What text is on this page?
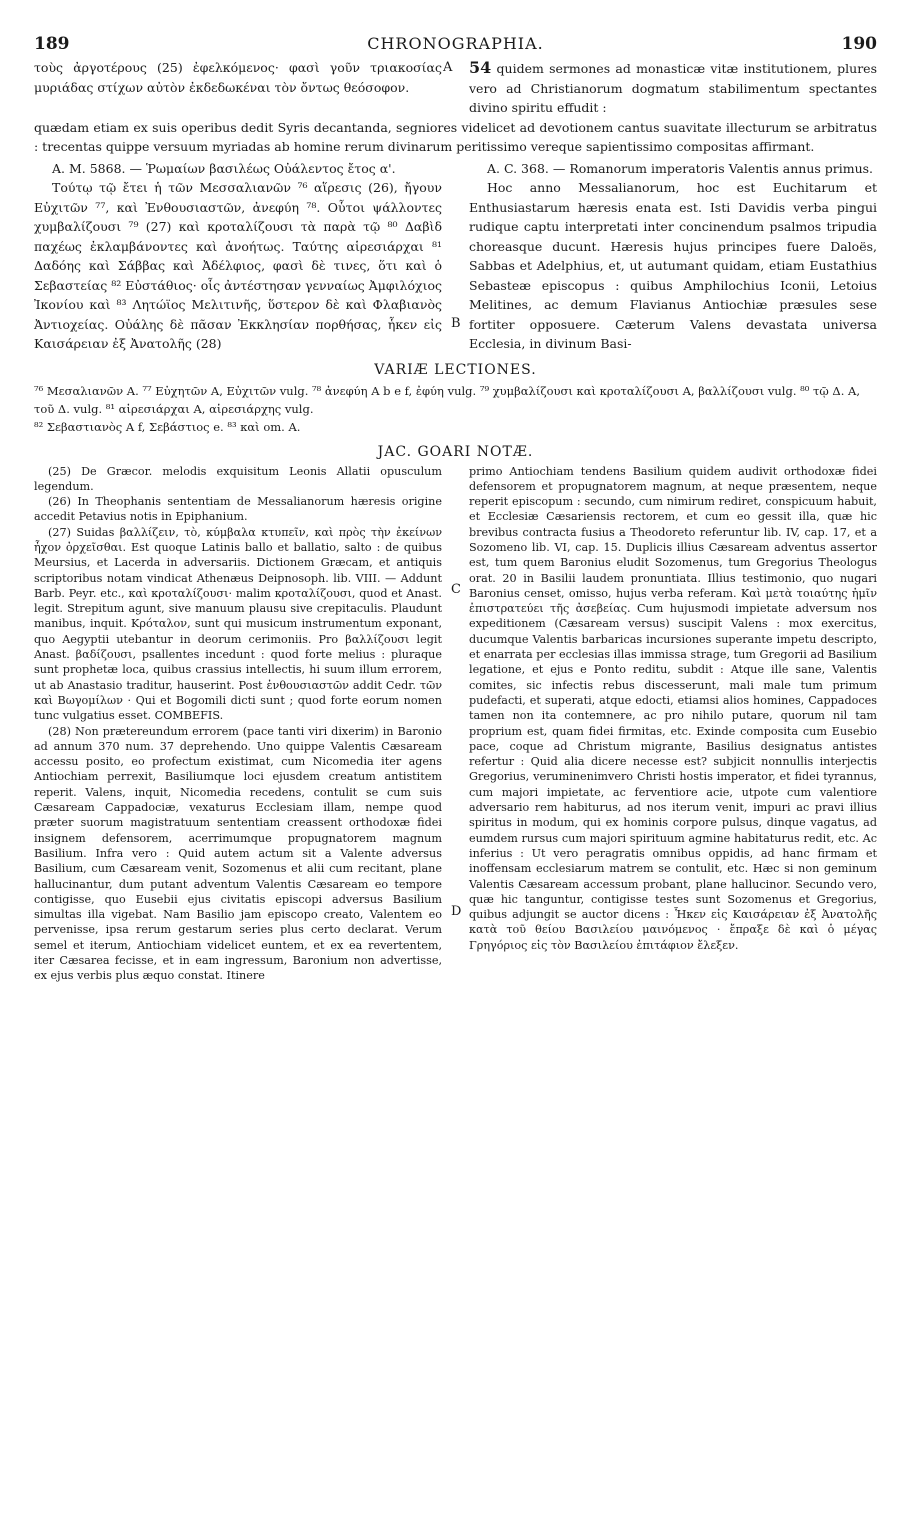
189	CHRONOGRAPHIA.	190

τοὺς ἀργοτέρους (25) ἐφελκόμενος· φασὶ γοῦν τριακοσίας μυριάδας στίχων αὐτὸν ἐκδεδωκέναι τὸν ὄντως θεόσοφον.

A 54 quidem sermones ad monasticæ vitæ institutionem, plures vero ad Christianorum dogmatum stabilimentum spectantes divino spiritu effudit :

quædam etiam ex suis operibus dedit Syris decantanda, segniores videlicet ad devotionem cantus suavitate illecturum se arbitratus : trecentas quippe versuum myriadas ab homine rerum divinarum peritissimo vereque sapientissimo compositas affirmant.

A. M. 5868. — Ῥωμαίων βασιλέως Οὐάλεντος ἔτος α'.	A. C. 368. — Romanorum imperatoris Valentis annus primus.

Τούτῳ τῷ ἔτει ἡ τῶν Μεσσαλιανῶν ⁷⁶ αἵρεσις (26), ἤγουν Εὐχιτῶν ⁷⁷, καὶ Ἐνθουσιαστῶν, ἀνεφύη ⁷⁸. Οὗτοι ψάλλοντες χυμβαλίζουσι ⁷⁹ (27) καὶ κροταλίζουσι τὰ παρὰ τῷ ⁸⁰ Δαβὶδ παχέως ἐκλαμβάνοντες καὶ ἀνοήτως. Ταύτης αἱρεσιάρχαι ⁸¹ Δαδόης καὶ Σάββας καὶ Ἀδέλφιος, φασὶ δὲ τινες, ὅτι καὶ ὁ Σεβαστείας ⁸² Εὐστάθιος· οἷς ἀντέστησαν γενναίως Ἀμφιλόχιος Ἰκονίου καὶ ⁸³ Λητώϊος Μελιτινῆς, ὕστερον δὲ καὶ Φλαβιανὸς Ἀντιοχείας. Οὐάλης δὲ πᾶσαν Ἐκκλησίαν πορθήσας, ἧκεν εἰς Καισάρειαν ἐξ Ἀνατολῆς (28)

B

Hoc anno Messalianorum, hoc est Euchitarum et Enthusiastarum hæresis enata est. Isti Davidis verba pingui rudique captu interpretati inter concinendum psalmos tripudia choreasque ducunt. Hæresis hujus principes fuere Daloës, Sabbas et Adelphius, et, ut autumant quidam, etiam Eustathius Sebasteæ episcopus : quibus Amphilochius Iconii, Letoius Melitines, ac demum Flavianus Antiochiæ præsules sese fortiter opposuere. Cæterum Valens devastata universa Ecclesia, in divinum Basi-

VARIÆ LECTIONES.

⁷⁶ Μεσαλιανῶν A. ⁷⁷ Εὐχητῶν A, Εὐχιτῶν vulg. ⁷⁸ ἀνεφύη A b e f, ἐφύη vulg. ⁷⁹ χυμβαλίζουσι καὶ κροταλίζουσι A, βαλλίζουσι vulg. ⁸⁰ τῷ Δ. A, τοῦ Δ. vulg. ⁸¹ αἱρεσιάρχαι A, αἱρεσιάρχης vulg.

⁸² Σεβαστιανὸς A f, Σεβάστιος e. ⁸³ καὶ om. A.

JAC. GOARI NOTÆ.

(25) De Græcor. melodis exquisitum Leonis Allatii opusculum legendum.

(26) In Theophanis sententiam de Messalianorum hæresis origine accedit Petavius notis in Epiphanium.

(27) Suidas βαλλίζειν, τὸ, κύμβαλα κτυπεῖν, καὶ πρὸς τὴν ἐκείνων ἦχον ὀρχεῖσθαι. Est quoque Latinis ballo et ballatio, salto : de quibus Meursius, et Lacerda in adversariis. Dictionem Græcam, et antiquis scriptoribus notam vindicat Athenæus Deipnosoph. lib. VIII. — Addunt Barb. Peyr. etc., καὶ κροταλίζουσι· malim κροταλίζουσι, quod et Anast. legit. Strepitum agunt, sive manuum plausu sive crepitaculis. Plaudunt manibus, inquit. Κρόταλον, sunt qui musicum instrumentum exponant, quo Aegyptii utebantur in deorum cerimoniis. Pro βαλλίζουσι legit Anast. βαδίζουσι, psallentes incedunt : quod forte melius : pluraque sunt prophetæ loca, quibus crassius intellectis, hi suum illum errorem, ut ab Anastasio traditur, hauserint. Post ἐνθουσιαστῶν addit Cedr. τῶν καὶ Βωγομίλων · Qui et Bogomili dicti sunt ; quod forte eorum nomen tunc vulgatius esset. COMBEFIS.

(28) Non prætereundum errorem (pace tanti viri dixerim) in Baronio ad annum 370 num. 37 deprehendo. Uno quippe Valentis Cæsaream accessu posito, eo profectum existimat, cum Nicomedia iter agens Antiochiam perrexit, Basiliumque loci ejusdem creatum antistitem reperit. Valens, inquit, Nicomedia recedens, contulit se cum suis Cæsaream Cappadociæ, vexaturus Ecclesiam illam, nempe quod præter suorum magistratuum sententiam creassent orthodoxæ fidei insignem defensorem, acerrimumque propugnatorem magnum Basilium. Infra vero : Quid autem actum sit a Valente adversus Basilium, cum Cæsaream venit, Sozomenus et alii cum recitant, plane hallucinantur, dum putant adventum Valentis Cæsaream eo tempore contigisse, quo Eusebii ejus civitatis episcopi adversus Basilium simultas illa vigebat. Nam Basilio jam episcopo creato, Valentem eo pervenisse, ipsa rerum gestarum series plus certo declarat. Verum semel et iterum, Antiochiam videlicet euntem, et ex ea revertentem, iter Cæsarea fecisse, et in eam ingressum, Baronium non advertisse, ex ejus verbis plus æquo constat. Itinere

C
D

primo Antiochiam tendens Basilium quidem audivit orthodoxæ fidei defensorem et propugnatorem magnum, at neque præsentem, neque reperit episcopum : secundo, cum nimirum rediret, conspicuum habuit, et Ecclesiæ Cæsariensis rectorem, et cum eo gessit illa, quæ hic brevibus contracta fusius a Theodoreto referuntur lib. IV, cap. 17, et a Sozomeno lib. VI, cap. 15. Duplicis illius Cæsaream adventus assertor est, tum quem Baronius eludit Sozomenus, tum Gregorius Theologus orat. 20 in Basilii laudem pronuntiata. Illius testimonio, quo nugari Baronius censet, omisso, hujus verba referam. Καὶ μετὰ τοιαύτης ἡμῖν ἐπιστρατεύει τῆς ἀσεβείας. Cum hujusmodi impietate adversum nos expeditionem (Cæsaream versus) suscipit Valens : mox exercitus, ducumque Valentis barbaricas incursiones superante impetu descripto, et enarrata per ecclesias illas immissa strage, tum Gregorii ad Basilium legatione, et ejus e Ponto reditu, subdit : Atque ille sane, Valentis comites, sic infectis rebus discesserunt, mali male tum primum pudefacti, et superati, atque edocti, etiamsi alios homines, Cappadoces tamen non ita contemnere, ac pro nihilo putare, quorum nil tam proprium est, quam fidei firmitas, etc. Exinde composita cum Eusebio pace, coque ad Christum migrante, Basilius designatus antistes refertur : Quid alia dicere necesse est? subjicit nonnullis interjectis Gregorius, veruminenimvero Christi hostis imperator, et fidei tyrannus, cum majori impietate, ac ferventiore acie, utpote cum valentiore adversario rem habiturus, ad nos iterum venit, impuri ac pravi illius spiritus in modum, qui ex hominis corpore pulsus, dinque vagatus, ad eumdem rursus cum majori spirituum agmine habitaturus redit, etc. Ac inferius : Ut vero peragratis omnibus oppidis, ad hanc firmam et inoffensam ecclesiarum matrem se contulit, etc. Hæc si non geminum Valentis Cæsaream accessum probant, plane hallucinor. Secundo vero, quæ hic tanguntur, contigisse testes sunt Sozomenus et Gregorius, quibus adjungit se auctor dicens : Ἧκεν εἰς Καισάρειαν ἐξ Ἀνατολῆς κατὰ τοῦ θείου Βασιλείου μαινόμενος · ἔπραξε δὲ καὶ ὁ μέγας Γρηγόριος εἰς τὸν Βασιλείου ἐπιτάφιον ἔλεξεν.
